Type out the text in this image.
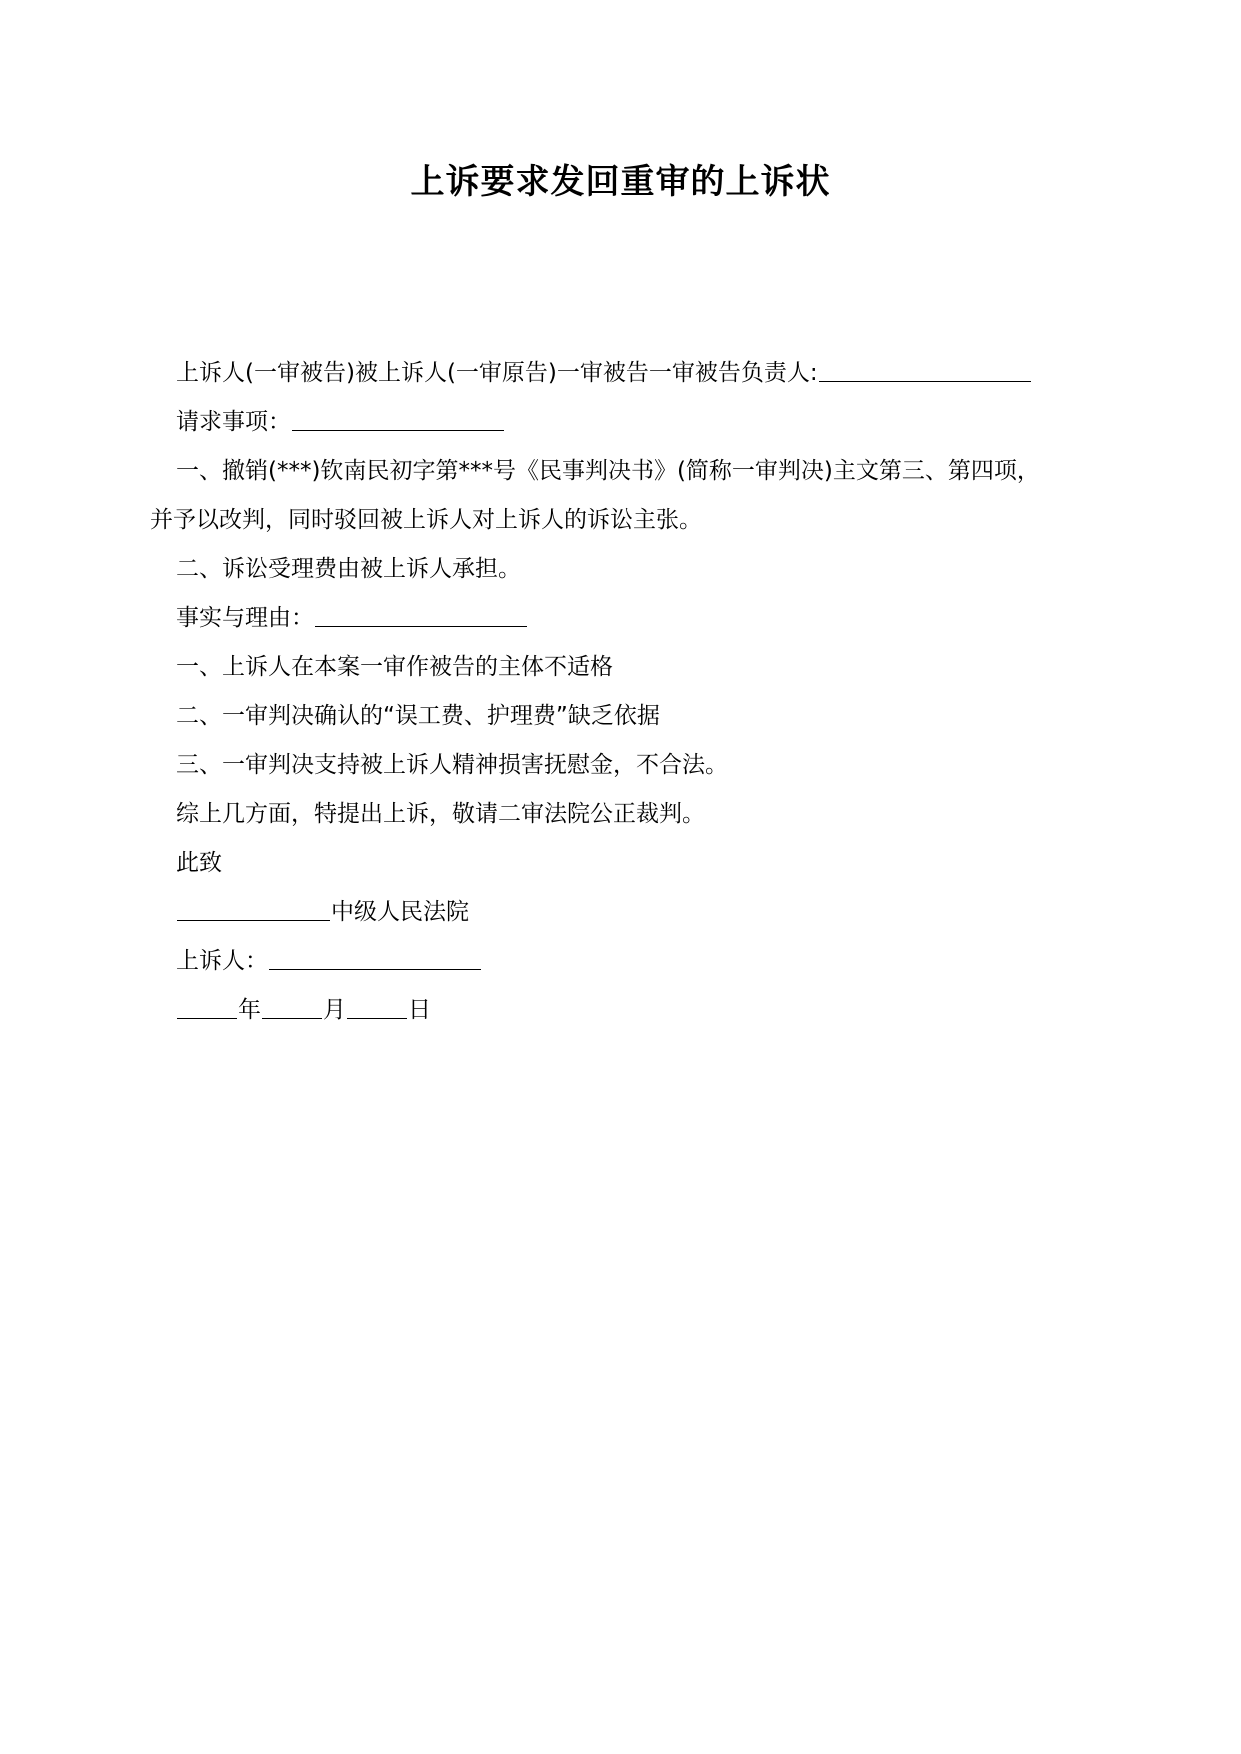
上诉要求发回重审的上诉状
上诉人(一审被告)被上诉人(一审原告)一审被告一审被告负责人:
请求事项：
一、撤销(***)钦南民初字第***号《民事判决书》(简称一审判决)主文第三、第四项，
并予以改判，同时驳回被上诉人对上诉人的诉讼主张。
二、诉讼受理费由被上诉人承担。
事实与理由：
一、上诉人在本案一审作被告的主体不适格
二、一审判决确认的“误工费、护理费”缺乏依据
三、一审判决支持被上诉人精神损害抚慰金，不合法。
综上几方面，特提出上诉，敬请二审法院公正裁判。
此致
中级人民法院
上诉人：
年	月	日
